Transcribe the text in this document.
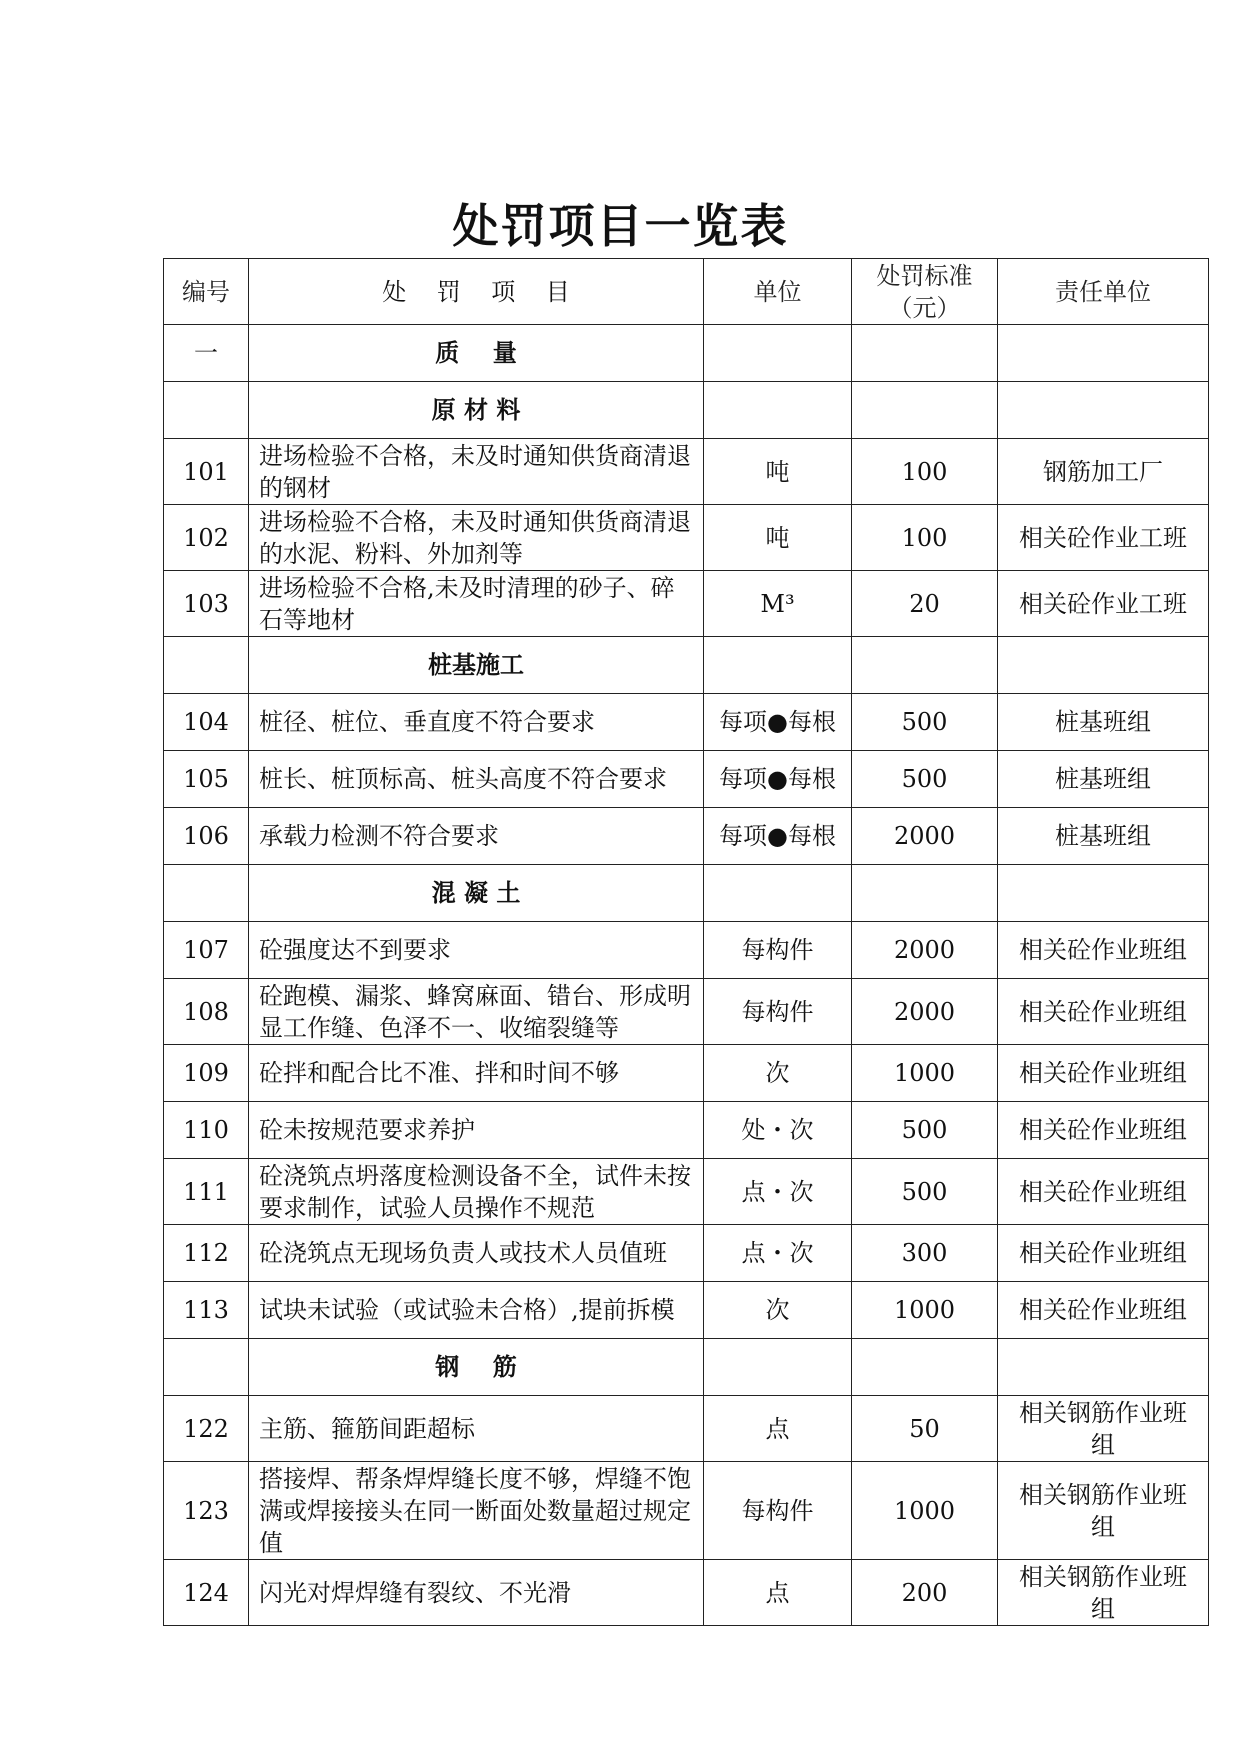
处罚项目一览表
编号	处    罚    项    目	单位	处罚标准（元）	责任单位
一	质    量			
	原 材 料			
101	进场检验不合格，未及时通知供货商清退的钢材	吨	100	钢筋加工厂
102	进场检验不合格，未及时通知供货商清退的水泥、粉料、外加剂等	吨	100	相关砼作业工班
103	进场检验不合格,未及时清理的砂子、碎石等地材	M³	20	相关砼作业工班
	桩基施工			
104	桩径、桩位、垂直度不符合要求	每项●每根	500	桩基班组
105	桩长、桩顶标高、桩头高度不符合要求	每项●每根	500	桩基班组
106	承载力检测不符合要求	每项●每根	2000	桩基班组
	混 凝 土			
107	砼强度达不到要求	每构件	2000	相关砼作业班组
108	砼跑模、漏浆、蜂窝麻面、错台、形成明显工作缝、色泽不一、收缩裂缝等	每构件	2000	相关砼作业班组
109	砼拌和配合比不准、拌和时间不够	次	1000	相关砼作业班组
110	砼未按规范要求养护	处・次	500	相关砼作业班组
111	砼浇筑点坍落度检测设备不全，试件未按要求制作，试验人员操作不规范	点・次	500	相关砼作业班组
112	砼浇筑点无现场负责人或技术人员值班	点・次	300	相关砼作业班组
113	试块未试验（或试验未合格）,提前拆模	次	1000	相关砼作业班组
	钢    筋			
122	主筋、箍筋间距超标	点	50	相关钢筋作业班组
123	搭接焊、帮条焊焊缝长度不够，焊缝不饱满或焊接接头在同一断面处数量超过规定值	每构件	1000	相关钢筋作业班组
124	闪光对焊焊缝有裂纹、不光滑	点	200	相关钢筋作业班组
